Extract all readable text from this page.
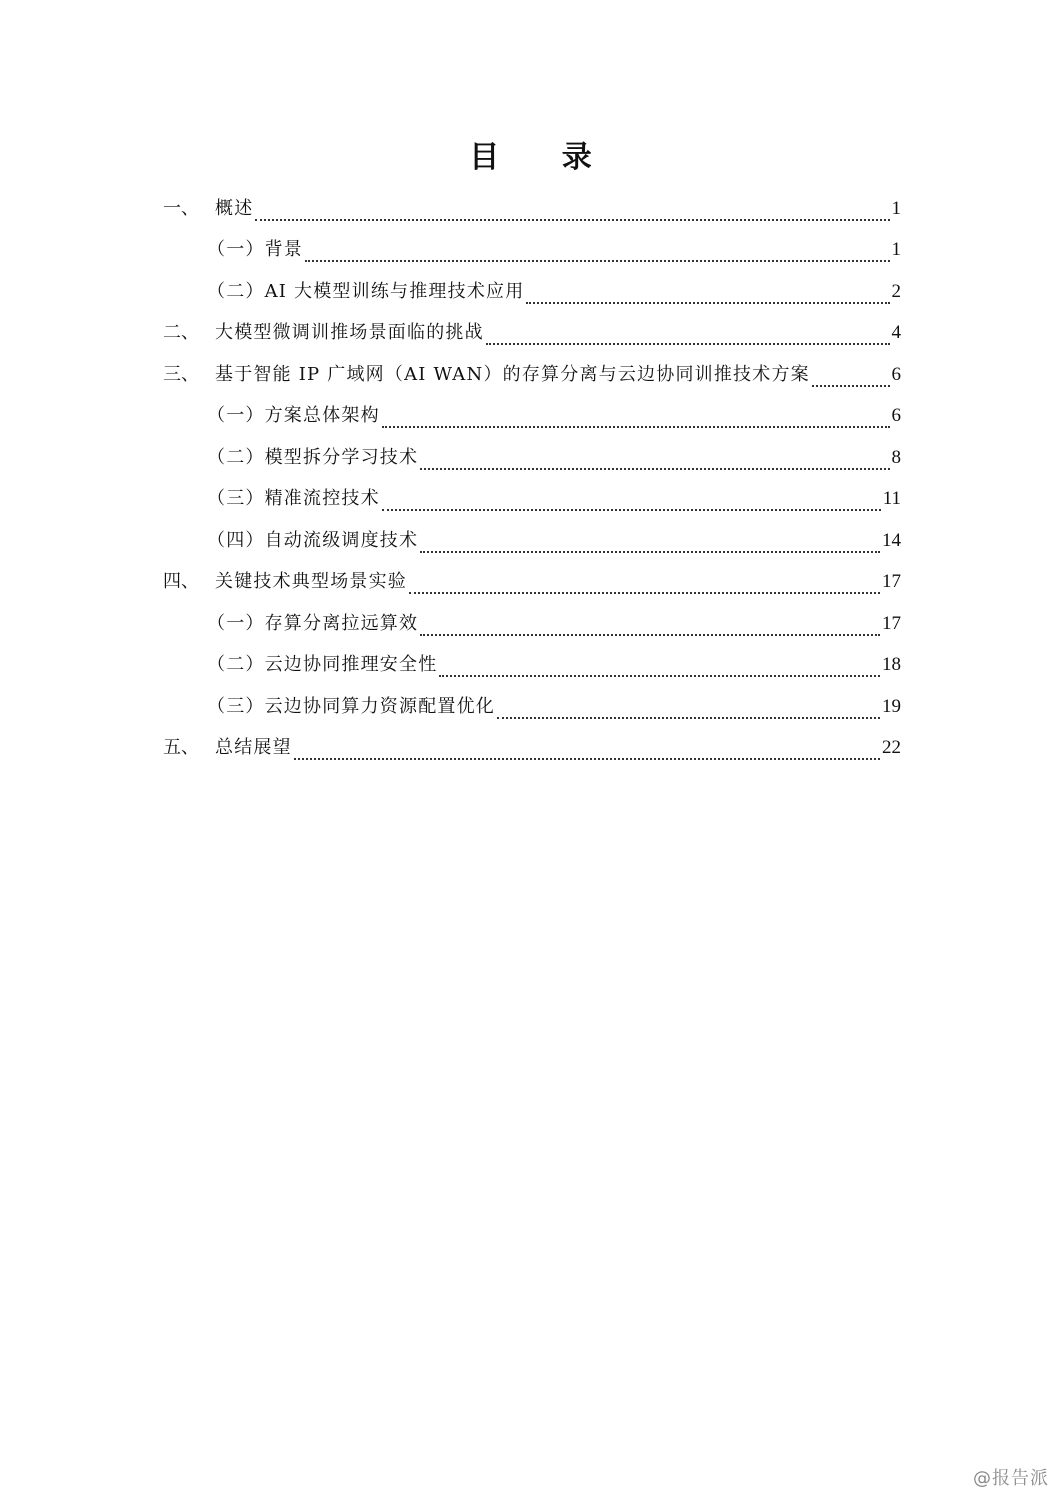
目 录
一、 概述	1
（一）背景	1
（二）AI 大模型训练与推理技术应用	2
二、 大模型微调训推场景面临的挑战	4
三、 基于智能 IP 广域网（AI WAN）的存算分离与云边协同训推技术方案	6
（一）方案总体架构	6
（二）模型拆分学习技术	8
（三）精准流控技术	11
（四）自动流级调度技术	14
四、 关键技术典型场景实验	17
（一）存算分离拉远算效	17
（二）云边协同推理安全性	18
（三）云边协同算力资源配置优化	19
五、 总结展望	22
@报告派
